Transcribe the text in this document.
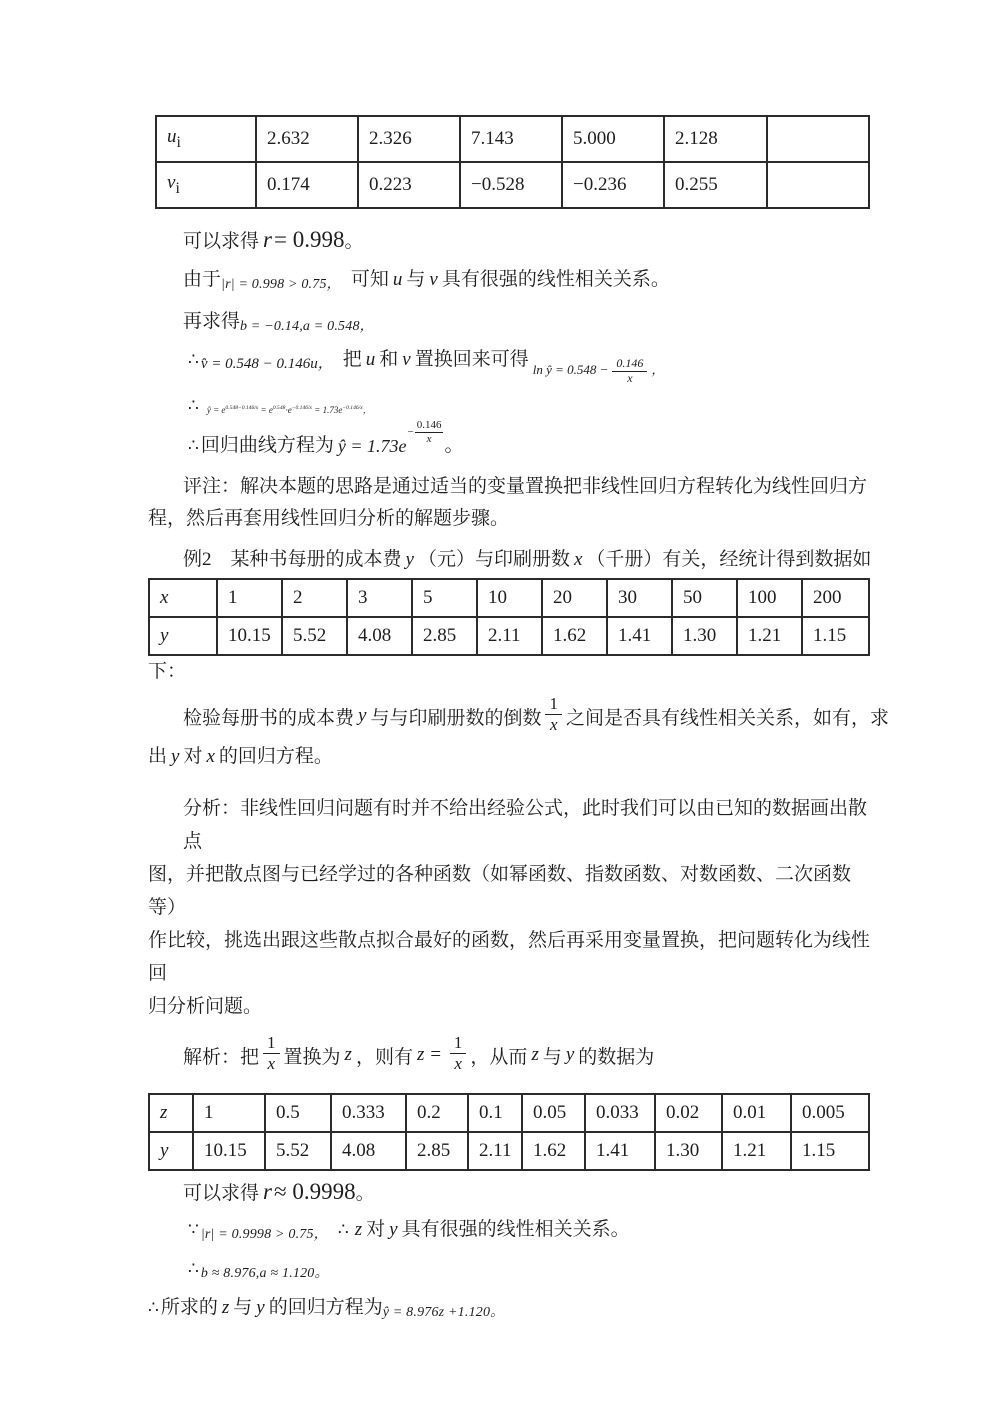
$u_i$	2.632	2.326	7.143	5.000	2.128	
$v_i$	0.174	0.223	−0.528	−0.236	0.255	
可以求得 r= 0.998。
由于|r| = 0.998 > 0.75， 可知 u 与 v 具有很强的线性相关关系。
再求得b = −0.14,a = 0.548，
∴ v̂ = 0.548 − 0.146u， 把 u 和 v 置换回来可得 $_{ln ŷ = 0.548 - \frac{0.146}{x} ,}$
∴ ŷ = $e^{0.548-0.146/x} = e^{0.548}\cdot e^{-0.146/x} = 1.73e^{-0.146/x}$，
∴ 回归曲线方程为 ŷ = 1.73e
− $\frac{0.146}{x}$
。
评注：解决本题的思路是通过适当的变量置换把非线性回归方程转化为线性回归方
程，然后再套用线性回归分析的解题步骤。
例2　某种书每册的成本费 y （元）与印刷册数 x （千册）有关，经统计得到数据如
x	1	2	3	5	10	20	30	50	100	200
y	10.15	5.52	4.08	2.85	2.11	1.62	1.41	1.30	1.21	1.15
下：
检验每册书的成本费 y 与与印刷册数的倒数 $\frac{1}{x}$ 之间是否具有线性相关关系，如有，求
出 y 对 x 的回归方程。
分析：非线性回归问题有时并不给出经验公式，此时我们可以由已知的数据画出散点
图，并把散点图与已经学过的各种函数（如幂函数、指数函数、对数函数、二次函数等）
作比较，挑选出跟这些散点拟合最好的函数，然后再采用变量置换，把问题转化为线性回
归分析问题。
解析：把 $\frac{1}{x}$ 置换为 z ，则有 $z = \frac{1}{x}$ ，从而 z 与 y 的数据为
z	1	0.5	0.333	0.2	0.1	0.05	0.033	0.02	0.01	0.005
y	10.15	5.52	4.08	2.85	2.11	1.62	1.41	1.30	1.21	1.15
可以求得 r≈ 0.9998。
∵ |r| = 0.9998 > 0.75， ∴ z 对 y 具有很强的线性相关关系。
∴ b ≈ 8.976,a ≈ 1.120。
∴ 所求的 z 与 y 的回归方程为ŷ = 8.976z +1.120。
